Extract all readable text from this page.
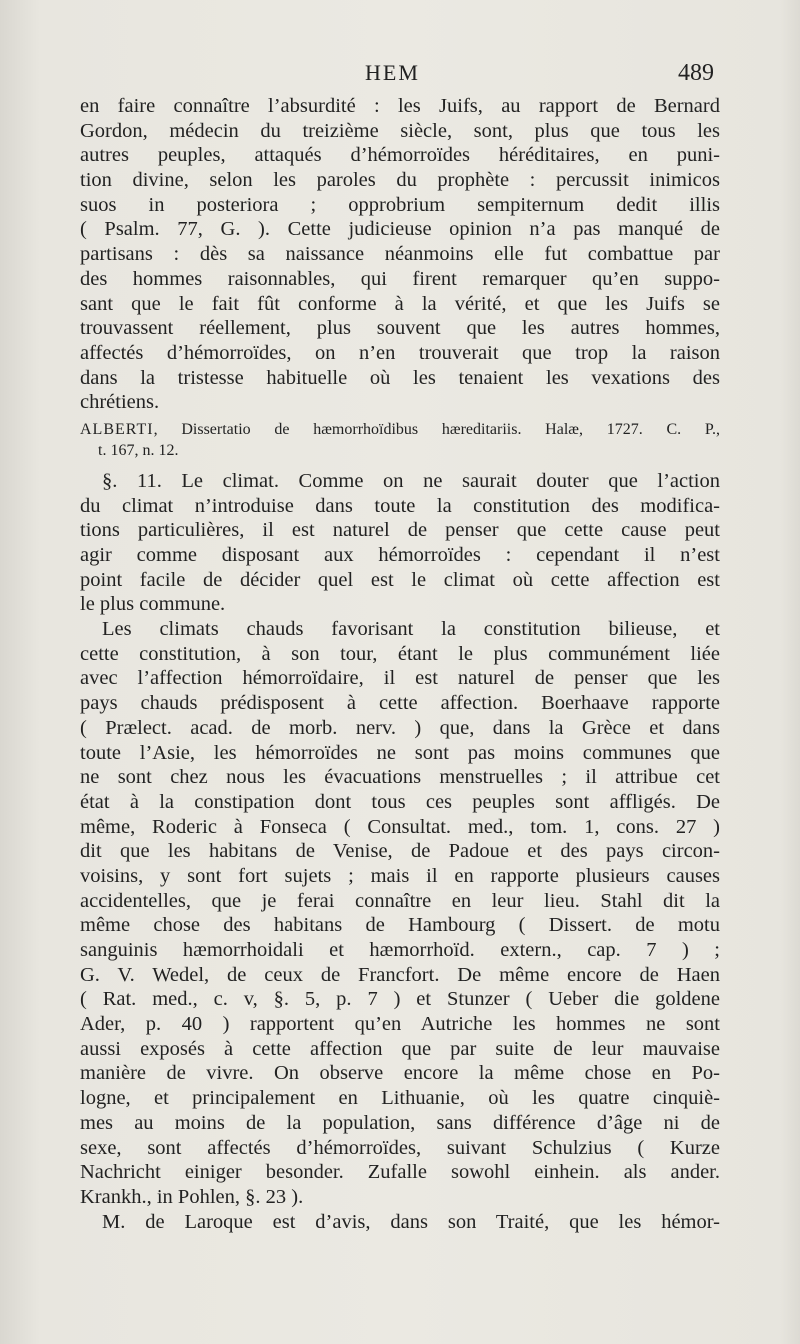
HEM	489
en faire connaître l’absurdité : les Juifs, au rapport de Bernard
Gordon, médecin du treizième siècle, sont, plus que tous les
autres peuples, attaqués d’hémorroïdes héréditaires, en puni-
tion divine, selon les paroles du prophète : percussit inimicos
suos in posteriora ; opprobrium sempiternum dedit illis
( Psalm. 77, G. ). Cette judicieuse opinion n’a pas manqué de
partisans : dès sa naissance néanmoins elle fut combattue par
des hommes raisonnables, qui firent remarquer qu’en suppo-
sant que le fait fût conforme à la vérité, et que les Juifs se
trouvassent réellement, plus souvent que les autres hommes,
affectés d’hémorroïdes, on n’en trouverait que trop la raison
dans la tristesse habituelle où les tenaient les vexations des
chrétiens.
ALBERTI, Dissertatio de hæmorrhoïdibus hæreditariis. Halæ, 1727. C. P.,
t. 167, n. 12.
§. 11. Le climat. Comme on ne saurait douter que l’action
du climat n’introduise dans toute la constitution des modifica-
tions particulières, il est naturel de penser que cette cause peut
agir comme disposant aux hémorroïdes : cependant il n’est
point facile de décider quel est le climat où cette affection est
le plus commune.
Les climats chauds favorisant la constitution bilieuse, et
cette constitution, à son tour, étant le plus communément liée
avec l’affection hémorroïdaire, il est naturel de penser que les
pays chauds prédisposent à cette affection. Boerhaave rapporte
( Prælect. acad. de morb. nerv. ) que, dans la Grèce et dans
toute l’Asie, les hémorroïdes ne sont pas moins communes que
ne sont chez nous les évacuations menstruelles ; il attribue cet
état à la constipation dont tous ces peuples sont affligés. De
même, Roderic à Fonseca ( Consultat. med., tom. 1, cons. 27 )
dit que les habitans de Venise, de Padoue et des pays circon-
voisins, y sont fort sujets ; mais il en rapporte plusieurs causes
accidentelles, que je ferai connaître en leur lieu. Stahl dit la
même chose des habitans de Hambourg ( Dissert. de motu
sanguinis hæmorrhoidali et hæmorrhoïd. extern., cap. 7 ) ;
G. V. Wedel, de ceux de Francfort. De même encore de Haen
( Rat. med., c. v, §. 5, p. 7 ) et Stunzer ( Ueber die goldene
Ader, p. 40 ) rapportent qu’en Autriche les hommes ne sont
aussi exposés à cette affection que par suite de leur mauvaise
manière de vivre. On observe encore la même chose en Po-
logne, et principalement en Lithuanie, où les quatre cinquiè-
mes au moins de la population, sans différence d’âge ni de
sexe, sont affectés d’hémorroïdes, suivant Schulzius ( Kurze
Nachricht einiger besonder. Zufalle sowohl einhein. als ander.
Krankh., in Pohlen, §. 23 ).
M. de Laroque est d’avis, dans son Traité, que les hémor-
